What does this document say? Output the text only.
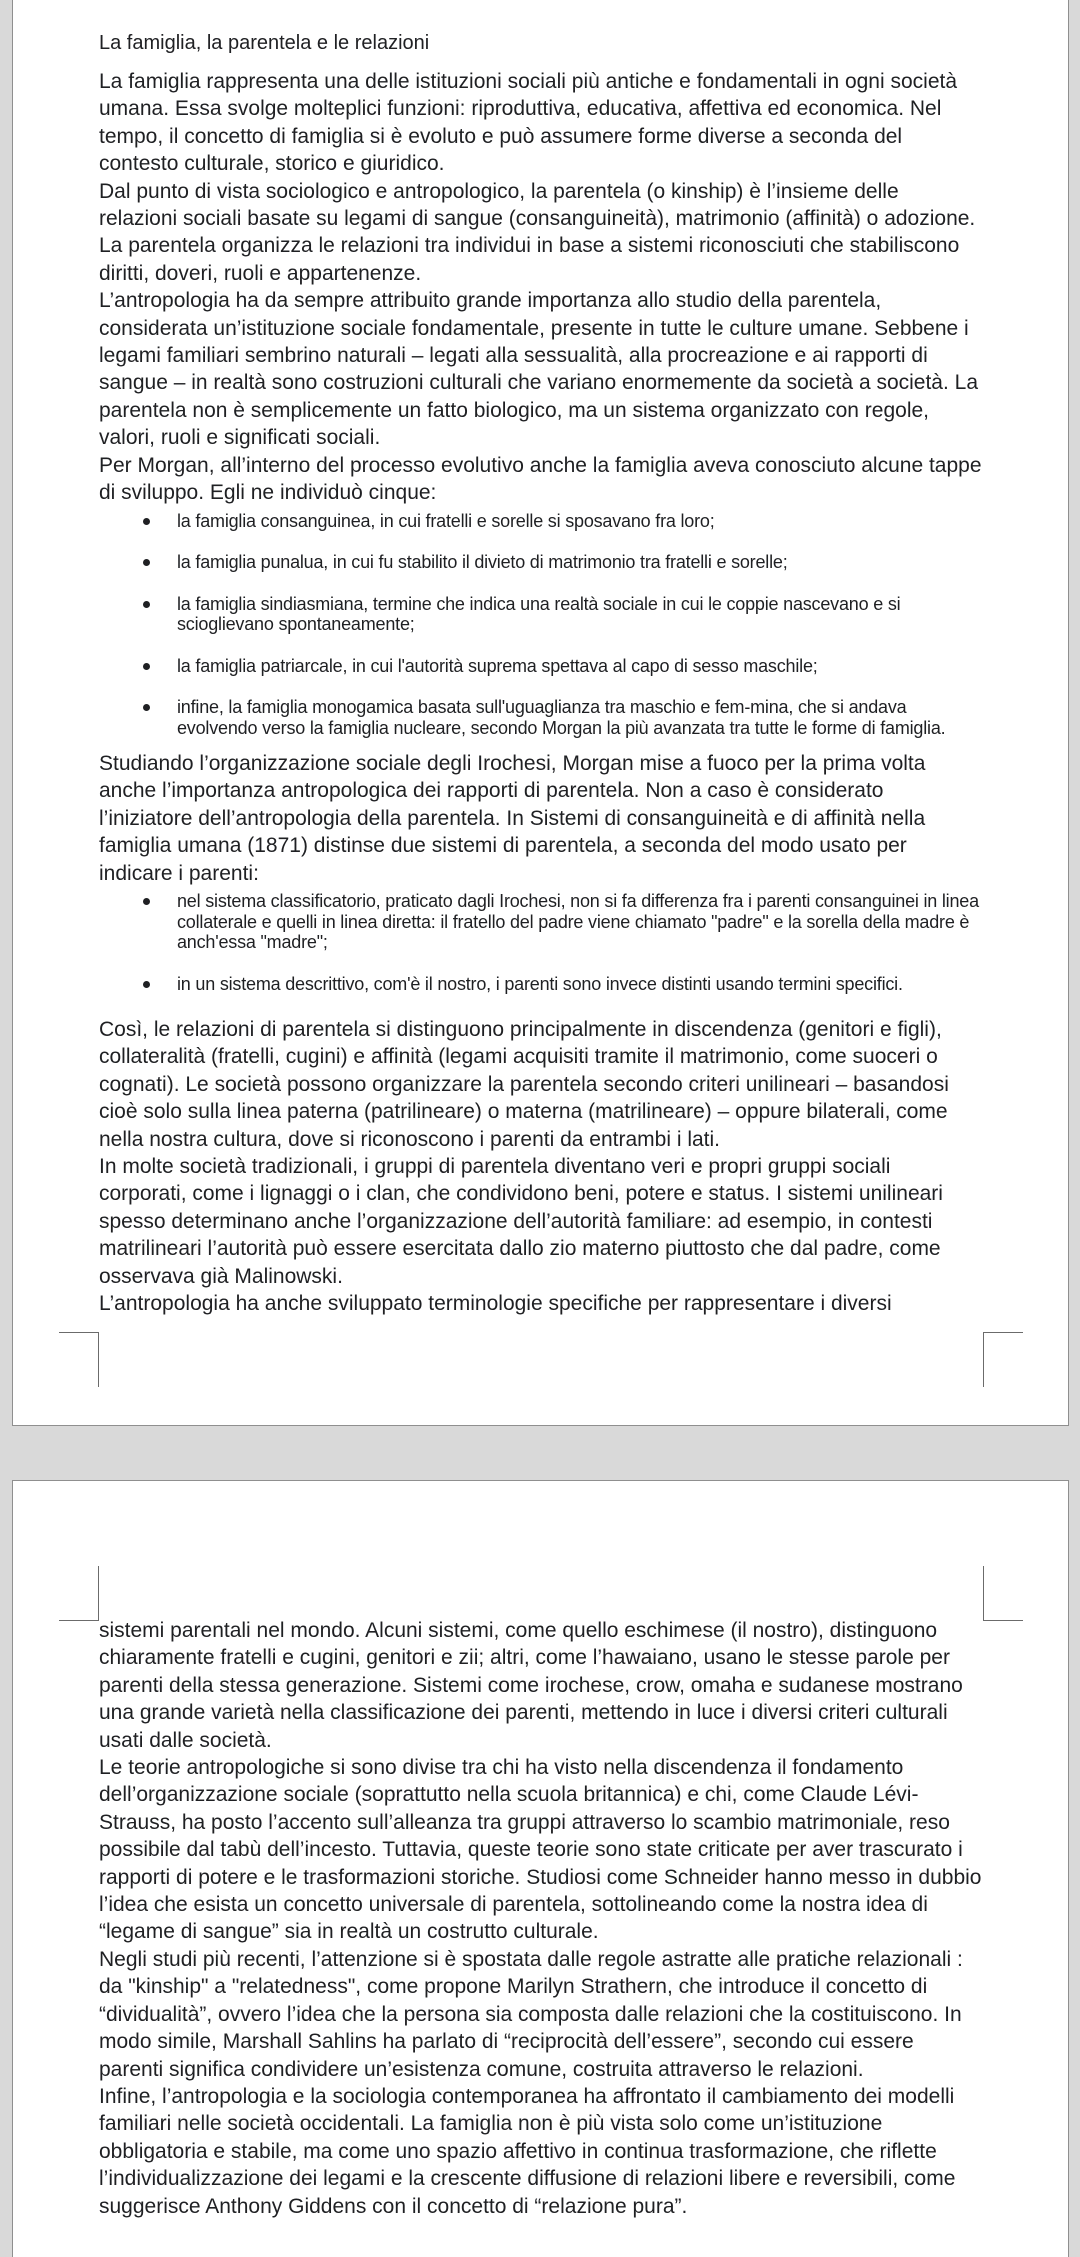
La famiglia, la parentela e le relazioni

La famiglia rappresenta una delle istituzioni sociali più antiche e fondamentali in ogni società umana. Essa svolge molteplici funzioni: riproduttiva, educativa, affettiva ed economica. Nel tempo, il concetto di famiglia si è evoluto e può assumere forme diverse a seconda del contesto culturale, storico e giuridico.

Dal punto di vista sociologico e antropologico, la parentela (o kinship) è l’insieme delle relazioni sociali basate su legami di sangue (consanguineità), matrimonio (affinità) o adozione. La parentela organizza le relazioni tra individui in base a sistemi riconosciuti che stabiliscono diritti, doveri, ruoli e appartenenze.

L’antropologia ha da sempre attribuito grande importanza allo studio della parentela, considerata un’istituzione sociale fondamentale, presente in tutte le culture umane. Sebbene i legami familiari sembrino naturali – legati alla sessualità, alla procreazione e ai rapporti di sangue – in realtà sono costruzioni culturali che variano enormemente da società a società. La parentela non è semplicemente un fatto biologico, ma un sistema organizzato con regole, valori, ruoli e significati sociali.

Per Morgan, all’interno del processo evolutivo anche la famiglia aveva conosciuto alcune tappe di sviluppo. Egli ne individuò cinque:

la famiglia consanguinea, in cui fratelli e sorelle si sposavano fra loro;
la famiglia punalua, in cui fu stabilito il divieto di matrimonio tra fratelli e sorelle;
la famiglia sindiasmiana, termine che indica una realtà sociale in cui le coppie nascevano e si scioglievano spontaneamente;
la famiglia patriarcale, in cui l'autorità suprema spettava al capo di sesso maschile;
infine, la famiglia monogamica basata sull'uguaglianza tra maschio e fem-mina, che si andava evolvendo verso la famiglia nucleare, secondo Morgan la più avanzata tra tutte le forme di famiglia.

Studiando l’organizzazione sociale degli Irochesi, Morgan mise a fuoco per la prima volta anche l’importanza antropologica dei rapporti di parentela. Non a caso è considerato l’iniziatore dell’antropologia della parentela. In Sistemi di consanguineità e di affinità nella famiglia umana (1871) distinse due sistemi di parentela, a seconda del modo usato per indicare i parenti:

nel sistema classificatorio, praticato dagli Irochesi, non si fa differenza fra i parenti consanguinei in linea collaterale e quelli in linea diretta: il fratello del padre viene chiamato "padre" e la sorella della madre è anch'essa "madre";
in un sistema descrittivo, com'è il nostro, i parenti sono invece distinti usando termini specifici.

Così, le relazioni di parentela si distinguono principalmente in discendenza (genitori e figli), collateralità (fratelli, cugini) e affinità (legami acquisiti tramite il matrimonio, come suoceri o cognati). Le società possono organizzare la parentela secondo criteri unilineari – basandosi cioè solo sulla linea paterna (patrilineare) o materna (matrilineare) – oppure bilaterali, come nella nostra cultura, dove si riconoscono i parenti da entrambi i lati.

In molte società tradizionali, i gruppi di parentela diventano veri e propri gruppi sociali corporati, come i lignaggi o i clan, che condividono beni, potere e status. I sistemi unilineari spesso determinano anche l’organizzazione dell’autorità familiare: ad esempio, in contesti matrilineari l’autorità può essere esercitata dallo zio materno piuttosto che dal padre, come osservava già Malinowski.

L’antropologia ha anche sviluppato terminologie specifiche per rappresentare i diversi

sistemi parentali nel mondo. Alcuni sistemi, come quello eschimese (il nostro), distinguono chiaramente fratelli e cugini, genitori e zii; altri, come l’hawaiano, usano le stesse parole per parenti della stessa generazione. Sistemi come irochese, crow, omaha e sudanese mostrano una grande varietà nella classificazione dei parenti, mettendo in luce i diversi criteri culturali usati dalle società.

Le teorie antropologiche si sono divise tra chi ha visto nella discendenza il fondamento dell’organizzazione sociale (soprattutto nella scuola britannica) e chi, come Claude Lévi-Strauss, ha posto l’accento sull’alleanza tra gruppi attraverso lo scambio matrimoniale, reso possibile dal tabù dell’incesto. Tuttavia, queste teorie sono state criticate per aver trascurato i rapporti di potere e le trasformazioni storiche. Studiosi come Schneider hanno messo in dubbio l’idea che esista un concetto universale di parentela, sottolineando come la nostra idea di “legame di sangue” sia in realtà un costrutto culturale.

Negli studi più recenti, l’attenzione si è spostata dalle regole astratte alle pratiche relazionali : da "kinship" a "relatedness", come propone Marilyn Strathern, che introduce il concetto di “dividualità”, ovvero l’idea che la persona sia composta dalle relazioni che la costituiscono. In modo simile, Marshall Sahlins ha parlato di “reciprocità dell’essere”, secondo cui essere parenti significa condividere un’esistenza comune, costruita attraverso le relazioni.

Infine, l’antropologia e la sociologia contemporanea ha affrontato il cambiamento dei modelli familiari nelle società occidentali. La famiglia non è più vista solo come un’istituzione obbligatoria e stabile, ma come uno spazio affettivo in continua trasformazione, che riflette l’individualizzazione dei legami e la crescente diffusione di relazioni libere e reversibili, come suggerisce Anthony Giddens con il concetto di “relazione pura”.
